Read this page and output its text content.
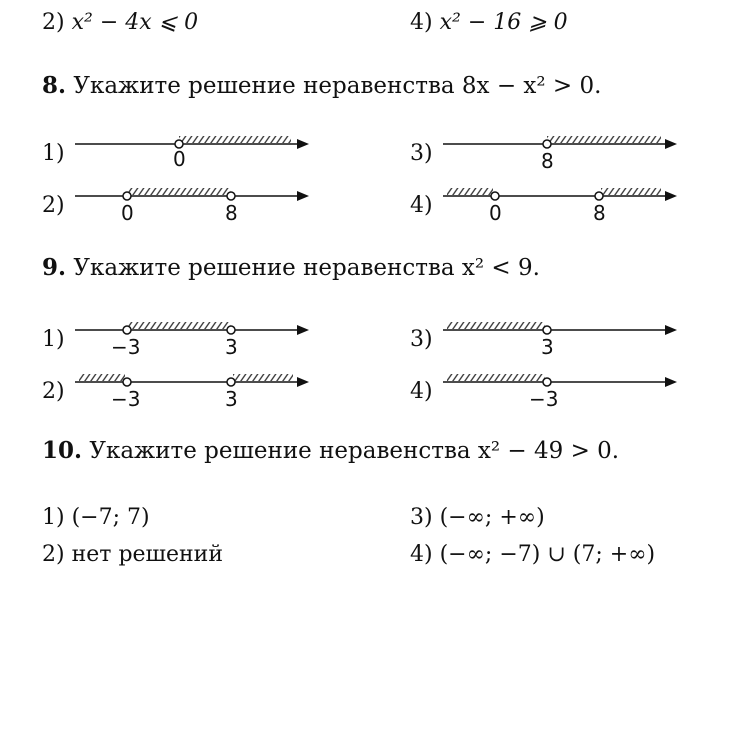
2) x² − 4x ⩽ 0	4) x² − 16 ⩾ 0
8. Укажите решение неравенства 8x − x² > 0.
1)	0
2)	0	8
3)	8
4)	0	8
9. Укажите решение неравенства x² < 9.
1) −3	3
2) −3	3
3)	3
4)	−3
10. Укажите решение неравенства x² − 49 > 0.
1) (−7; 7)
2) нет решений
3) (−∞; +∞)
4) (−∞; −7) ∪ (7; +∞)
